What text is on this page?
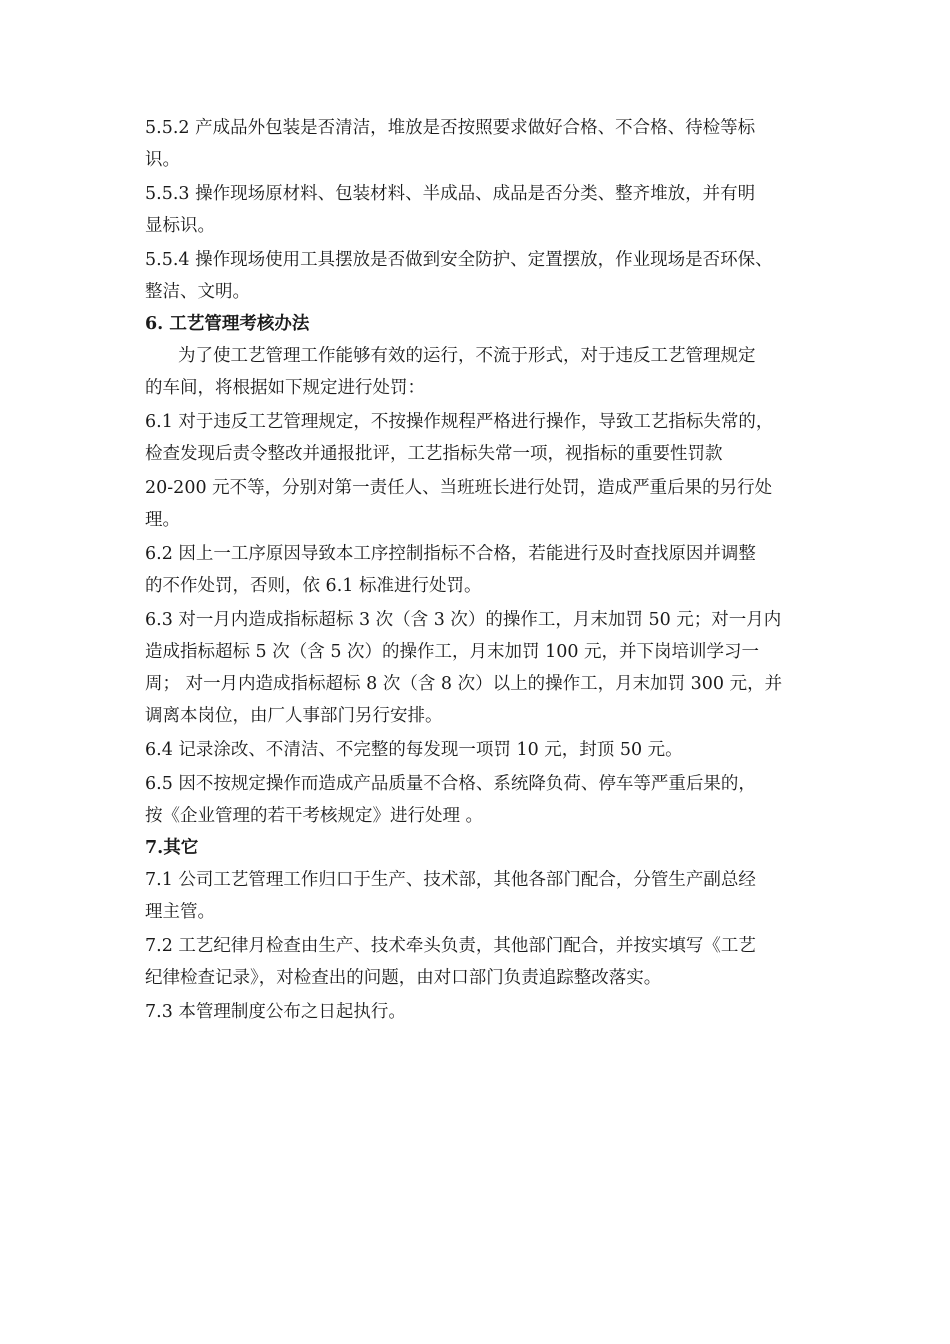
5.5.2 产成品外包装是否清洁，堆放是否按照要求做好合格、不合格、待检等标
识。
5.5.3 操作现场原材料、包装材料、半成品、成品是否分类、整齐堆放，并有明
显标识。
5.5.4 操作现场使用工具摆放是否做到安全防护、定置摆放，作业现场是否环保、
整洁、文明。
6. 工艺管理考核办法
为了使工艺管理工作能够有效的运行，不流于形式，对于违反工艺管理规定
的车间，将根据如下规定进行处罚：
6.1 对于违反工艺管理规定，不按操作规程严格进行操作，导致工艺指标失常的，
检查发现后责令整改并通报批评，工艺指标失常一项，视指标的重要性罚款
20-200 元不等，分别对第一责任人、当班班长进行处罚，造成严重后果的另行处
理。
6.2 因上一工序原因导致本工序控制指标不合格，若能进行及时查找原因并调整
的不作处罚，否则，依 6.1 标准进行处罚。
6.3 对一月内造成指标超标 3 次（含 3 次）的操作工，月末加罚 50 元；对一月内
造成指标超标 5 次（含 5 次）的操作工，月末加罚 100 元，并下岗培训学习一
周； 对一月内造成指标超标 8 次（含 8 次）以上的操作工，月末加罚 300 元，并
调离本岗位，由厂人事部门另行安排。
6.4 记录涂改、不清洁、不完整的每发现一项罚 10 元，封顶 50 元。
6.5 因不按规定操作而造成产品质量不合格、系统降负荷、停车等严重后果的，
按《企业管理的若干考核规定》进行处理 。
7.其它
7.1 公司工艺管理工作归口于生产、技术部，其他各部门配合，分管生产副总经
理主管。
7.2 工艺纪律月检查由生产、技术牵头负责，其他部门配合，并按实填写《工艺
纪律检查记录》，对检查出的问题，由对口部门负责追踪整改落实。
7.3 本管理制度公布之日起执行。
